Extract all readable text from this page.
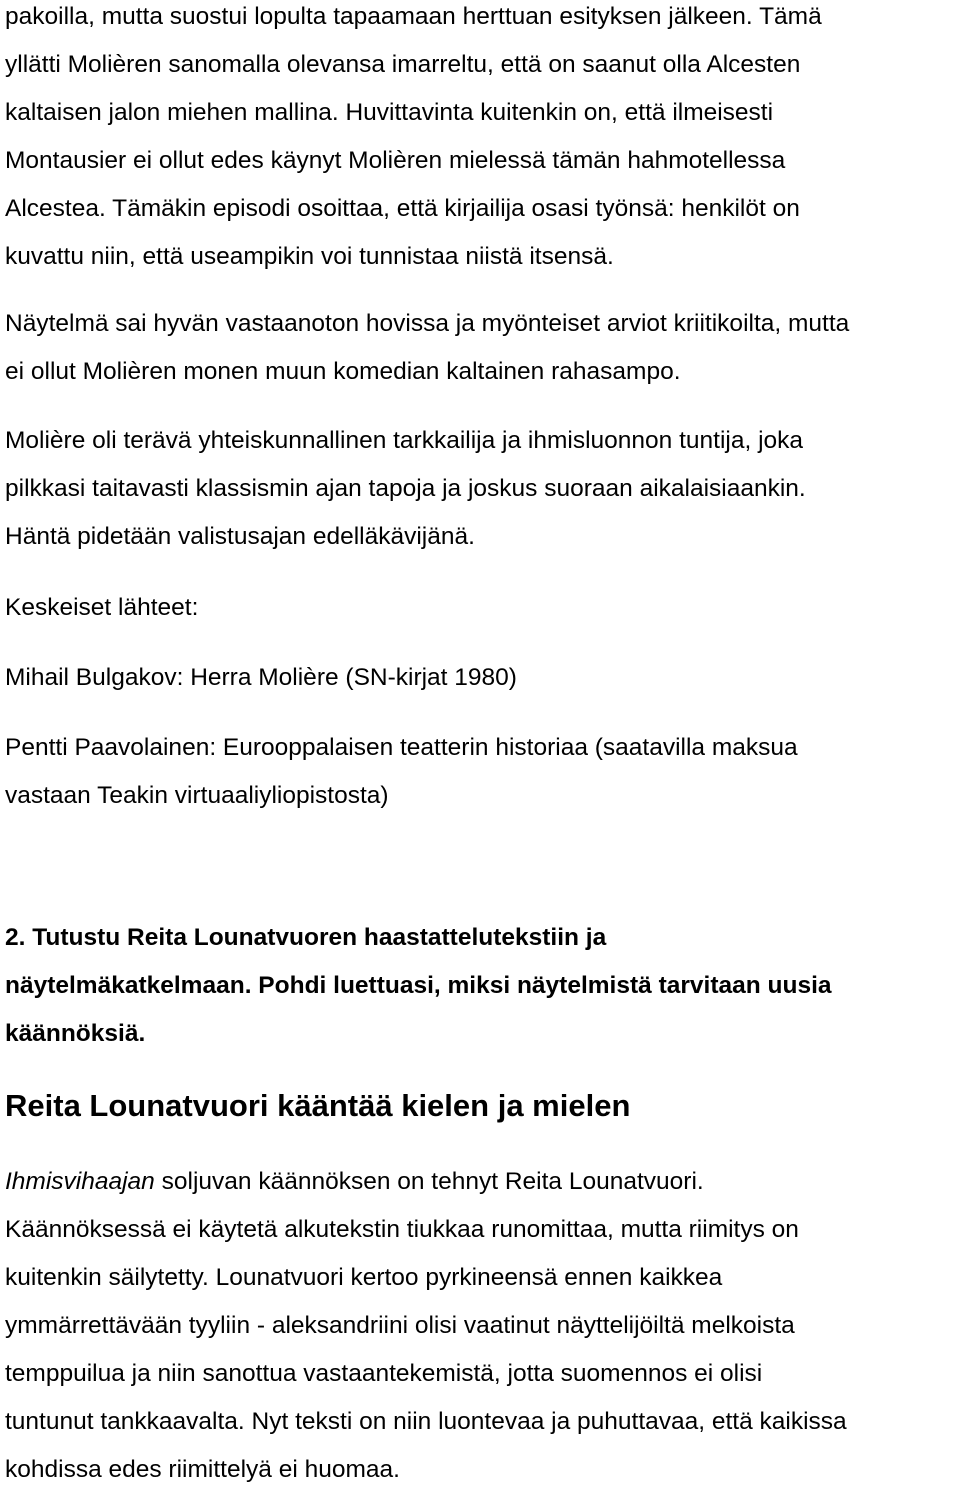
pakoilla, mutta suostui lopulta tapaamaan herttuan esityksen jälkeen. Tämä
yllätti Molièren sanomalla olevansa imarreltu, että on saanut olla Alcesten
kaltaisen jalon miehen mallina. Huvittavinta kuitenkin on, että ilmeisesti
Montausier ei ollut edes käynyt Molièren mielessä tämän hahmotellessa
Alcestea. Tämäkin episodi osoittaa, että kirjailija osasi työnsä: henkilöt on
kuvattu niin, että useampikin voi tunnistaa niistä itsensä.

Näytelmä sai hyvän vastaanoton hovissa ja myönteiset arviot kriitikoilta, mutta
ei ollut Molièren monen muun komedian kaltainen rahasampo.

Molière oli terävä yhteiskunnallinen tarkkailija ja ihmisluonnon tuntija, joka
pilkkasi taitavasti klassismin ajan tapoja ja joskus suoraan aikalaisiaankin.
Häntä pidetään valistusajan edelläkävijänä.

Keskeiset lähteet:

Mihail Bulgakov: Herra Molière (SN-kirjat 1980)

Pentti Paavolainen: Eurooppalaisen teatterin historiaa (saatavilla maksua
vastaan Teakin virtuaaliyliopistosta)

2. Tutustu Reita Lounatvuoren haastattelutekstiin ja
näytelmäkatkelmaan. Pohdi luettuasi, miksi näytelmistä tarvitaan uusia
käännöksiä.

Reita Lounatvuori kääntää kielen ja mielen

Ihmisvihaajan soljuvan käännöksen on tehnyt Reita Lounatvuori.
Käännöksessä ei käytetä alkutekstin tiukkaa runomittaa, mutta riimitys on
kuitenkin säilytetty. Lounatvuori kertoo pyrkineensä ennen kaikkea
ymmärrettävään tyyliin - aleksandriini olisi vaatinut näyttelijöiltä melkoista
temppuilua ja niin sanottua vastaantekemistä, jotta suomennos ei olisi
tuntunut tankkaavalta. Nyt teksti on niin luontevaa ja puhuttavaa, että kaikissa
kohdissa edes riimittelyä ei huomaa.
